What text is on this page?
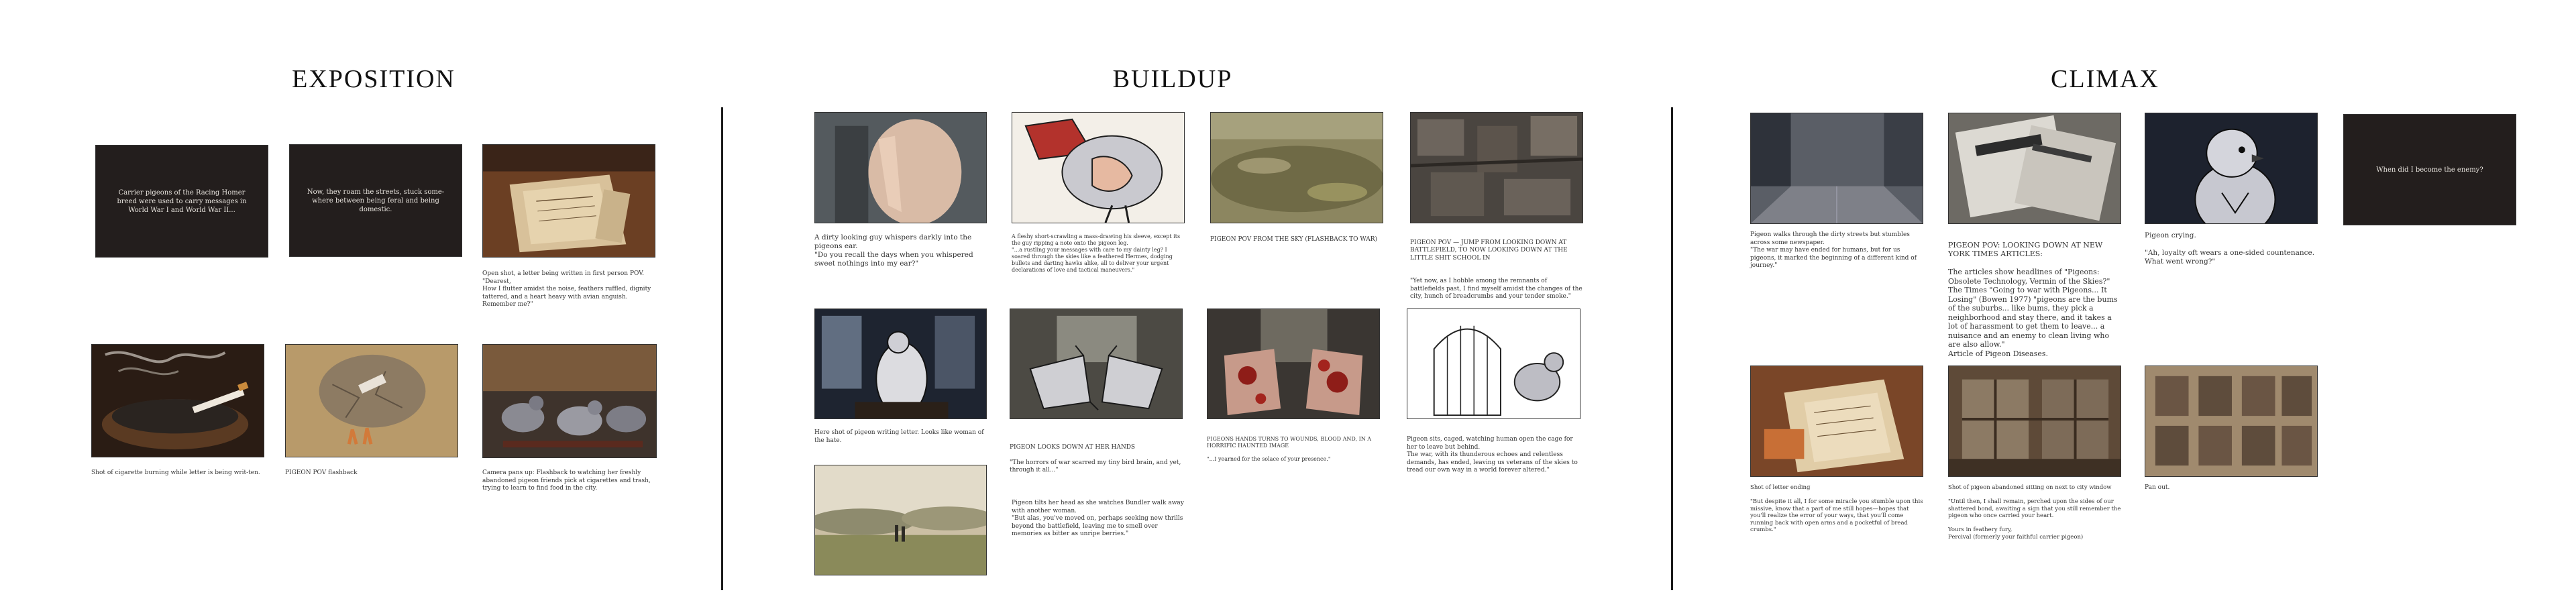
EXPOSITION	BUILDUP	CLIMAX
Carrier pigeons of the Racing Homer breed were used to carry messages in World War I and World War II...
Now, they roam the streets, stuck some-where between being feral and being domestic.
Open shot, a letter being written in first person POV.
"Dearest,
How I flutter amidst the noise, feathers ruffled, dignity tattered, and a heart heavy with avian anguish. Remember me?"
Shot of cigarette burning while letter is being writ-ten.	PIGEON POV flashback	Camera pans up: Flashback to watching her freshly abandoned pigeon friends pick at cigarettes and trash, trying to learn to find food in the city.
A dirty looking guy whispers darkly into the pigeons ear.
"Do you recall the days when you whispered sweet nothings into my ear?"
A fleshy short-scrawling a mass-drawing his sleeve, except its the guy ripping a note onto the pigeon leg.
"...a rustling your messages with care to my dainty leg? I soared through the skies like a feathered Hermes, dodging bullets and darting hawks alike, all to deliver your urgent declarations of love and tactical maneuvers."
PIGEON POV FROM THE SKY (FLASHBACK TO WAR)	PIGEON POV — JUMP FROM LOOKING DOWN AT BATTLEFIELD, TO NOW LOOKING DOWN AT THE LITTLE SHIT SCHOOL IN

"Yet now, as I hobble among the remnants of battlefields past, I find myself amidst the changes of the city, hunch of breadcrumbs and your tender smoke."

Here shot of pigeon writing letter. Looks like woman of the hate.

PIGEON LOOKS DOWN AT HER HANDS

"The horrors of war scarred my tiny bird brain, and yet, through it all..."

PIGEONS HANDS TURNS TO WOUNDS, BLOOD AND, IN A HORRIFIC HAUNTED IMAGE

"...I yearned for the solace of your presence."

Pigeon sits, caged, watching human open the cage for her to leave but behind.
The war, with its thunderous echoes and relentless demands, has ended, leaving us veterans of the skies to tread our own way in a world forever altered."
Pigeon tilts her head as she watches Bundler walk away with another woman.
"But alas, you've moved on, perhaps seeking new thrills beyond the battlefield, leaving me to smell over memories as bitter as unripe berries."
Pigeon walks through the dirty streets but stumbles across some newspaper.
"The war may have ended for humans, but for us pigeons, it marked the beginning of a different kind of journey."

PIGEON POV: LOOKING DOWN AT NEW YORK TIMES ARTICLES:

The articles show headlines of "Pigeons: Obsolete Technology, Vermin of the Skies?"
The Times "Going to war with Pigeons... It Losing" (Bowen 1977) "pigeons are the bums of the suburbs... like bums, they pick a neighborhood and stay there, and it takes a lot of harassment to get them to leave... a nuisance and an enemy to clean living who are also allow."
Article of Pigeon Diseases.

Pigeon crying.

"Ah, loyalty oft wears a one-sided countenance. What went wrong?"
When did I become the enemy?
Shot of letter ending

"But despite it all, I for some miracle you stumble upon this missive, know that a part of me still hopes—hopes that you'll realize the error of your ways, that you'll come running back with open arms and a pocketful of bread crumbs."
Shot of pigeon abandoned sitting on next to city window

"Until then, I shall remain, perched upon the sides of our shattered bond, awaiting a sign that you still remember the pigeon who once carried your heart.

Yours in feathery fury,
Percival (formerly your faithful carrier pigeon)
Pan out.
